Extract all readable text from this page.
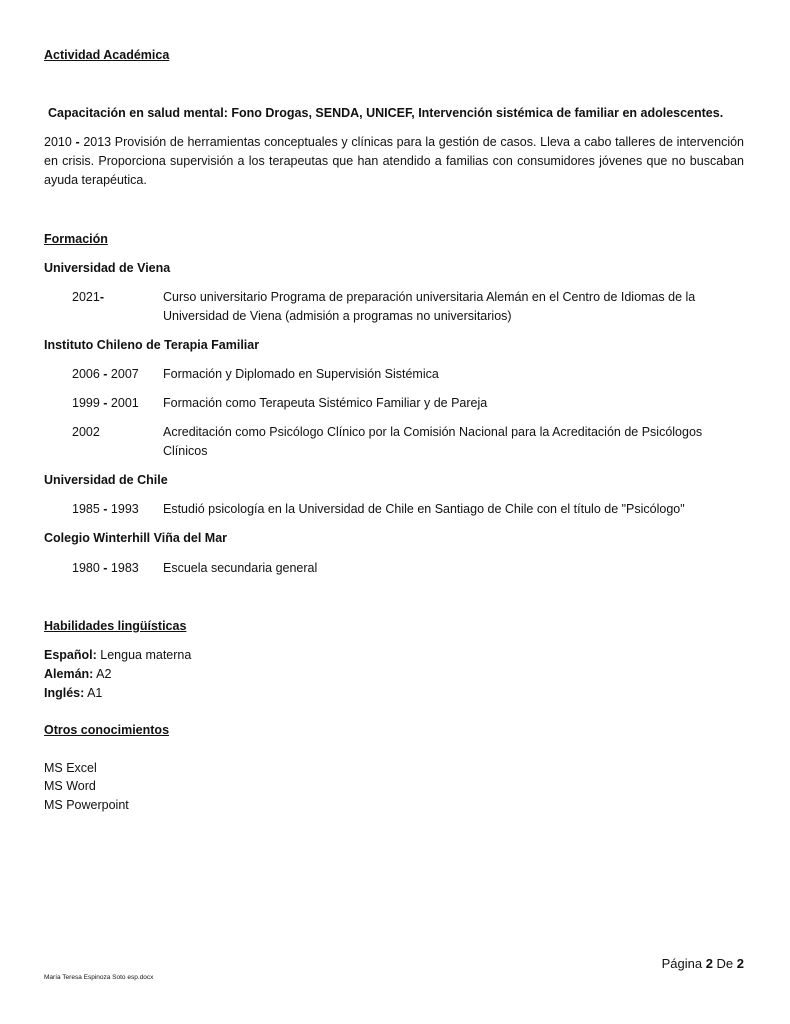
Actividad Académica
Capacitación en salud mental: Fono Drogas, SENDA, UNICEF, Intervención sistémica de familiar en adolescentes.
2010 - 2013 Provisión de herramientas conceptuales y clínicas para la gestión de casos. Lleva a cabo talleres de intervención en crisis. Proporciona supervisión a los terapeutas que han atendido a familias con consumidores jóvenes que no buscaban ayuda terapéutica.
Formación
Universidad de Viena
2021-	Curso universitario Programa de preparación universitaria Alemán en el Centro de Idiomas de la Universidad de Viena (admisión a programas no universitarios)
Instituto Chileno de Terapia Familiar
2006 - 2007	Formación y Diplomado en Supervisión Sistémica
1999 - 2001	Formación como Terapeuta Sistémico Familiar y de Pareja
2002	Acreditación como Psicólogo Clínico por la Comisión Nacional para la Acreditación de Psicólogos Clínicos
Universidad de Chile
1985 - 1993	Estudió psicología en la Universidad de Chile en Santiago de Chile con el título de "Psicólogo"
Colegio Winterhill Viña del Mar
1980 - 1983	Escuela secundaria general
Habilidades lingüísticas
Español: Lengua materna
Alemán: A2
Inglés: A1
Otros conocimientos
MS Excel
MS Word
MS Powerpoint
Página 2 De 2
María Teresa Espinoza Soto esp.docx
